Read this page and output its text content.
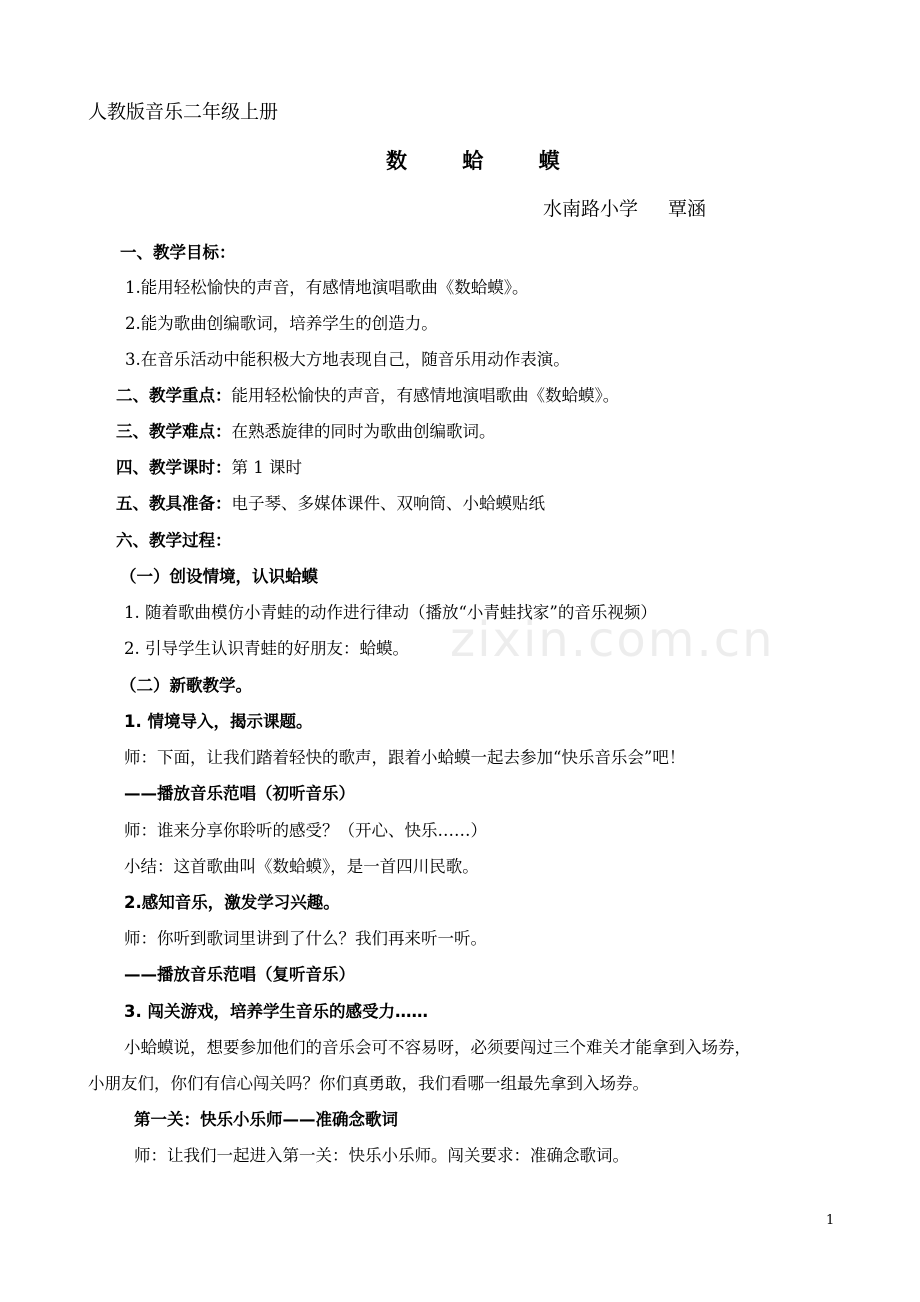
zixin.com.cn
人教版音乐二年级上册
数 蛤 蟆
水南路小学 覃涵
一、教学目标：
1.能用轻松愉快的声音，有感情地演唱歌曲《数蛤蟆》。
2.能为歌曲创编歌词，培养学生的创造力。
3.在音乐活动中能积极大方地表现自己，随音乐用动作表演。
二、教学重点：能用轻松愉快的声音，有感情地演唱歌曲《数蛤蟆》。
三、教学难点：在熟悉旋律的同时为歌曲创编歌词。
四、教学课时：第 1 课时
五、教具准备：电子琴、多媒体课件、双响筒、小蛤蟆贴纸
六、教学过程：
（一）创设情境，认识蛤蟆
1. 随着歌曲模仿小青蛙的动作进行律动（播放“小青蛙找家”的音乐视频）
2. 引导学生认识青蛙的好朋友：蛤蟆。
（二）新歌教学。
1. 情境导入，揭示课题。
师：下面，让我们踏着轻快的歌声，跟着小蛤蟆一起去参加“快乐音乐会”吧！
——播放音乐范唱（初听音乐）
师：谁来分享你聆听的感受？（开心、快乐……）
小结：这首歌曲叫《数蛤蟆》，是一首四川民歌。
2.感知音乐，激发学习兴趣。
师：你听到歌词里讲到了什么？我们再来听一听。
——播放音乐范唱（复听音乐）
3. 闯关游戏，培养学生音乐的感受力……
小蛤蟆说，想要参加他们的音乐会可不容易呀，必须要闯过三个难关才能拿到入场券，
小朋友们，你们有信心闯关吗？你们真勇敢，我们看哪一组最先拿到入场券。
第一关：快乐小乐师——准确念歌词
师：让我们一起进入第一关：快乐小乐师。闯关要求：准确念歌词。
1
